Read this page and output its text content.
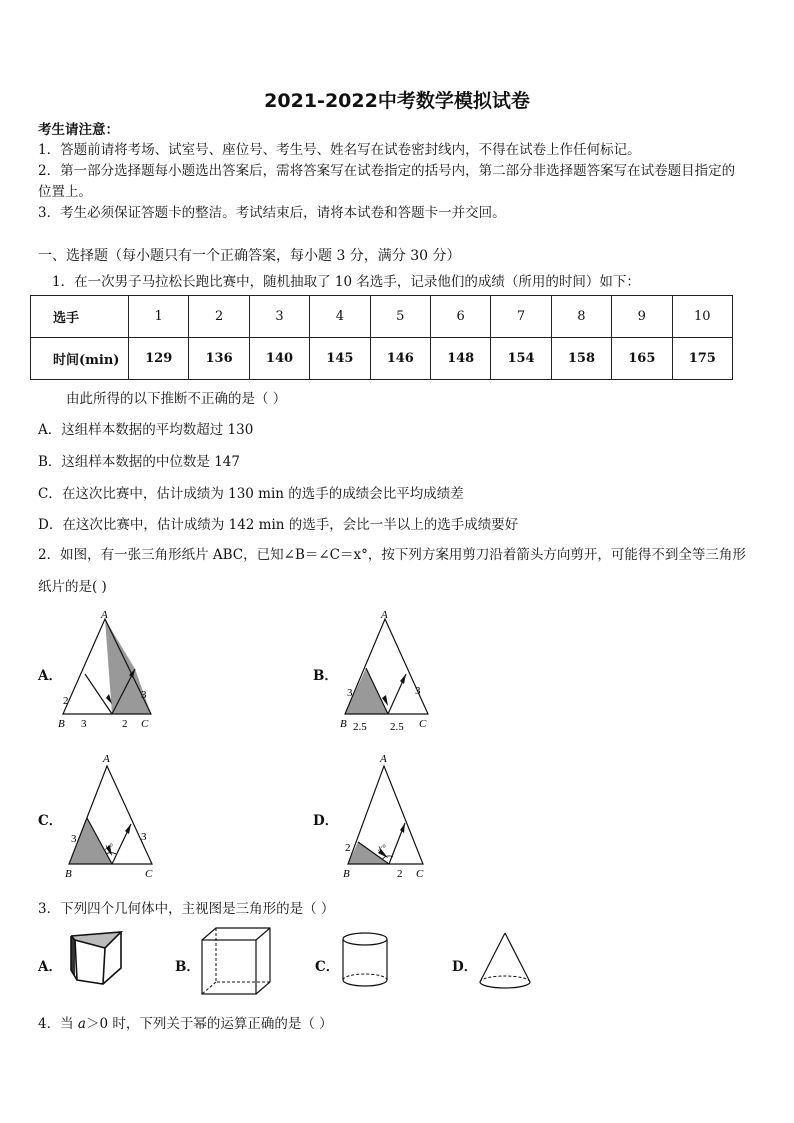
2021-2022中考数学模拟试卷
考生请注意：
1．答题前请将考场、试室号、座位号、考生号、姓名写在试卷密封线内，不得在试卷上作任何标记。
2．第一部分选择题每小题选出答案后，需将答案写在试卷指定的括号内，第二部分非选择题答案写在试卷题目指定的
位置上。
3．考生必须保证答题卡的整洁。考试结束后，请将本试卷和答题卡一并交回。
一、选择题（每小题只有一个正确答案，每小题 3 分，满分 30 分）
1．在一次男子马拉松长跑比赛中，随机抽取了 10 名选手，记录他们的成绩（所用的时间）如下：
选手	1	2	3	4	5	6	7	8	9	10
时间(min)	129	136	140	145	146	148	154	158	165	175
由此所得的以下推断不正确的是（ ）
A．这组样本数据的平均数超过 130
B．这组样本数据的中位数是 147
C．在这次比赛中，估计成绩为 130 min 的选手的成绩会比平均成绩差
D．在这次比赛中，估计成绩为 142 min 的选手，会比一半以上的选手成绩要好
2．如图，有一张三角形纸片 ABC，已知∠B＝∠C＝x°，按下列方案用剪刀沿着箭头方向剪开，可能得不到全等三角形
纸片的是( )
A．	B．
C．	D．
A
B	C
2
3	2
3
A
B	C
3
2.5 2.5
3
A
B	C
3
x°
3
A
B	C
2	x°
2
3．下列四个几何体中，主视图是三角形的是（ ）
A．	B．	C．	D．
4．当 a＞0 时，下列关于幂的运算正确的是（ ）
